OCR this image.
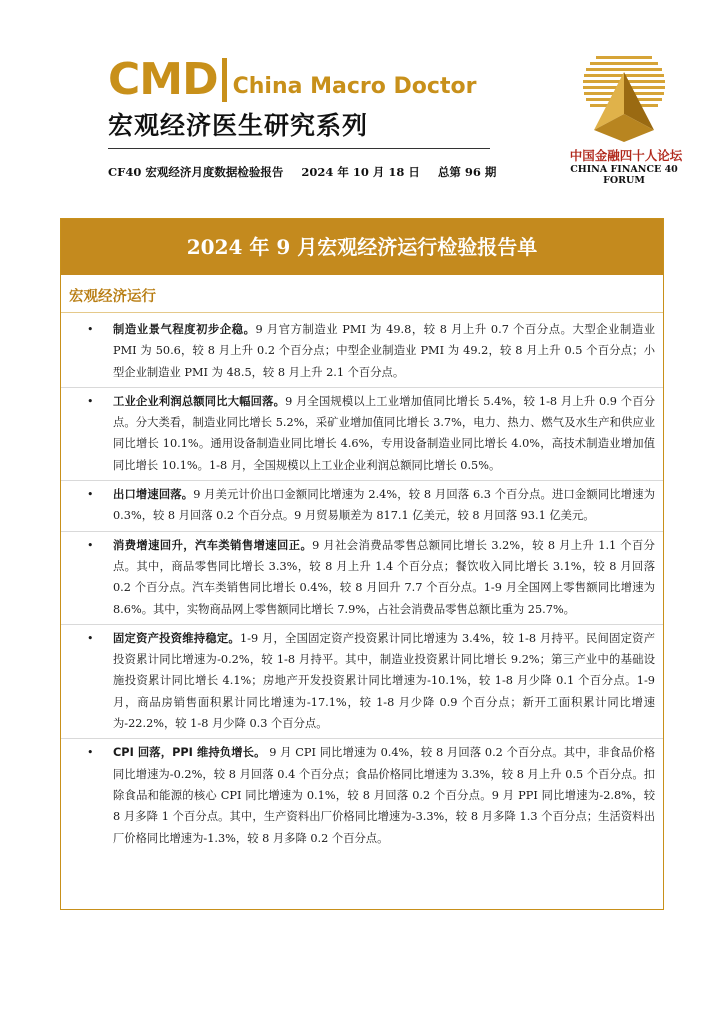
CMD China Macro Doctor
宏观经济医生研究系列
CF40 宏观经济月度数据检验报告 2024 年 10 月 18 日 总第 96 期
中国金融四十人论坛
CHINA FINANCE 40 FORUM
2024 年 9 月宏观经济运行检验报告单
宏观经济运行
• 制造业景气程度初步企稳。9 月官方制造业 PMI 为 49.8，较 8 月上升 0.7 个百分点。大型企业制造业 PMI 为 50.6，较 8 月上升 0.2 个百分点；中型企业制造业 PMI 为 49.2，较 8 月上升 0.5 个百分点；小型企业制造业 PMI 为 48.5，较 8 月上升 2.1 个百分点。
• 工业企业利润总额同比大幅回落。9 月全国规模以上工业增加值同比增长 5.4%，较 1-8 月上升 0.9 个百分点。分大类看，制造业同比增长 5.2%，采矿业增加值同比增长 3.7%，电力、热力、燃气及水生产和供应业同比增长 10.1%。通用设备制造业同比增长 4.6%，专用设备制造业同比增长 4.0%，高技术制造业增加值同比增长 10.1%。1-8 月，全国规模以上工业企业利润总额同比增长 0.5%。
• 出口增速回落。9 月美元计价出口金额同比增速为 2.4%，较 8 月回落 6.3 个百分点。进口金额同比增速为 0.3%，较 8 月回落 0.2 个百分点。9 月贸易顺差为 817.1 亿美元，较 8 月回落 93.1 亿美元。
• 消费增速回升，汽车类销售增速回正。9 月社会消费品零售总额同比增长 3.2%，较 8 月上升 1.1 个百分点。其中，商品零售同比增长 3.3%，较 8 月上升 1.4 个百分点；餐饮收入同比增长 3.1%，较 8 月回落 0.2 个百分点。汽车类销售同比增长 0.4%，较 8 月回升 7.7 个百分点。1-9 月全国网上零售额同比增速为 8.6%。其中，实物商品网上零售额同比增长 7.9%，占社会消费品零售总额比重为 25.7%。
• 固定资产投资维持稳定。1-9 月，全国固定资产投资累计同比增速为 3.4%，较 1-8 月持平。民间固定资产投资累计同比增速为-0.2%，较 1-8 月持平。其中，制造业投资累计同比增长 9.2%；第三产业中的基础设施投资累计同比增长 4.1%；房地产开发投资累计同比增速为-10.1%，较 1-8 月少降 0.1 个百分点。1-9 月，商品房销售面积累计同比增速为-17.1%，较 1-8 月少降 0.9 个百分点；新开工面积累计同比增速为-22.2%，较 1-8 月少降 0.3 个百分点。
• CPI 回落，PPI 维持负增长。 9 月 CPI 同比增速为 0.4%，较 8 月回落 0.2 个百分点。其中，非食品价格同比增速为-0.2%，较 8 月回落 0.4 个百分点；食品价格同比增速为 3.3%，较 8 月上升 0.5 个百分点。扣除食品和能源的核心 CPI 同比增速为 0.1%，较 8 月回落 0.2 个百分点。9 月 PPI 同比增速为-2.8%，较 8 月多降 1 个百分点。其中，生产资料出厂价格同比增速为-3.3%，较 8 月多降 1.3 个百分点；生活资料出厂价格同比增速为-1.3%，较 8 月多降 0.2 个百分点。
